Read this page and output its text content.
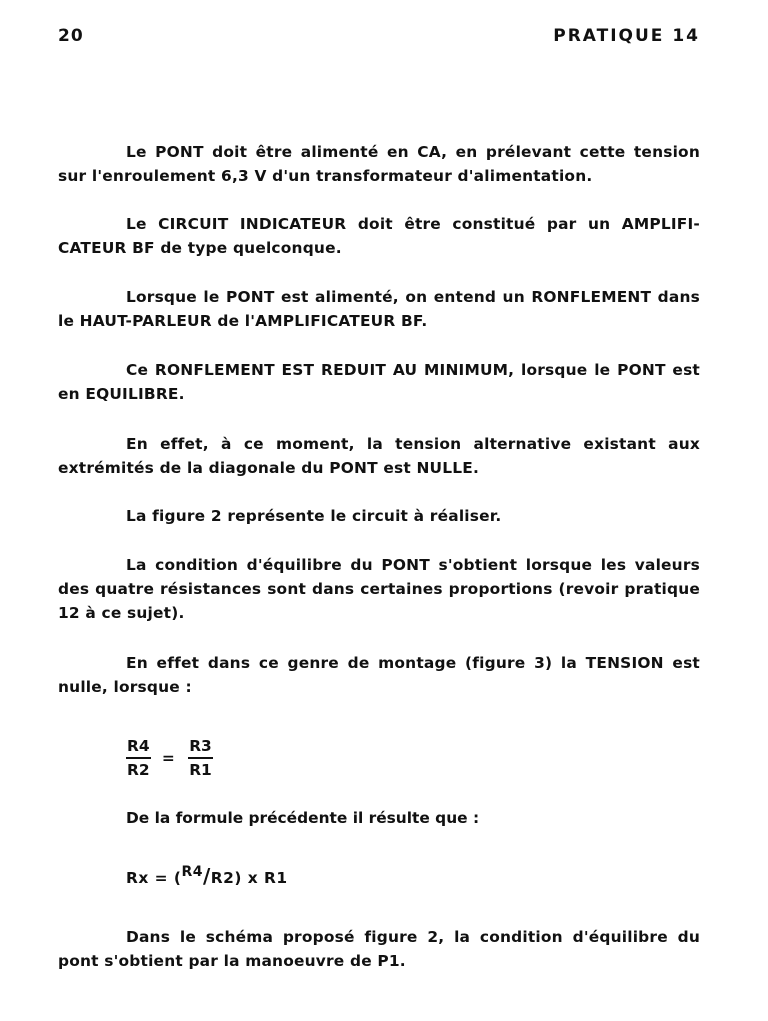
20	PRATIQUE 14

Le PONT doit être alimenté en CA, en prélevant cette tension sur l'enroulement 6,3 V d'un transformateur d'alimentation.

Le CIRCUIT INDICATEUR doit être constitué par un AMPLIFI-CATEUR BF de type quelconque.

Lorsque le PONT est alimenté, on entend un RONFLEMENT dans le HAUT-PARLEUR de l'AMPLIFICATEUR BF.

Ce RONFLEMENT EST REDUIT AU MINIMUM, lorsque le PONT est en EQUILIBRE.

En effet, à ce moment, la tension alternative existant aux extrémités de la diagonale du PONT est NULLE.

La figure 2 représente le circuit à réaliser.

La condition d'équilibre du PONT s'obtient lorsque les valeurs des quatre résistances sont dans certaines proportions (revoir pratique 12 à ce sujet).

En effet dans ce genre de montage (figure 3) la TENSION est nulle, lorsque :

$\frac{R4}{R2} = \frac{R3}{R1}$
De la formule précédente il résulte que :
Rx = (R4/R2) x R1

Dans le schéma proposé figure 2, la condition d'équilibre du pont s'obtient par la manoeuvre de P1.
